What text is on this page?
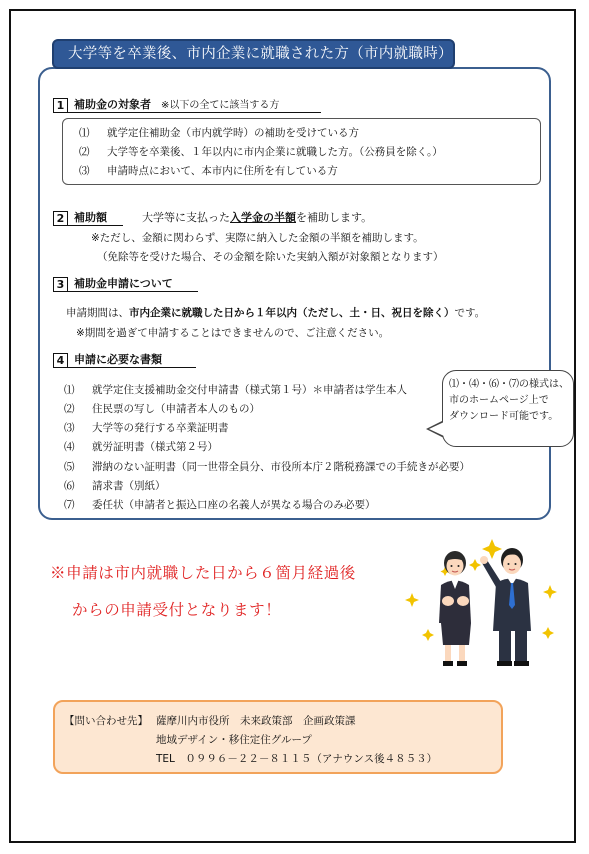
大学等を卒業後、市内企業に就職された方（市内就職時）
1 補助金の対象者 ※以下の全てに該当する方
⑴ 就学定住補助金（市内就学時）の補助を受けている方
⑵ 大学等を卒業後、１年以内に市内企業に就職した方。（公務員を除く。）
⑶ 申請時点において、本市内に住所を有している方
2 補助額	大学等に支払った入学金の半額を補助します。
※ただし、金額に関わらず、実際に納入した金額の半額を補助します。
（免除等を受けた場合、その金額を除いた実納入額が対象額となります）
3 補助金申請について
申請期間は、市内企業に就職した日から１年以内（ただし、土・日、祝日を除く）です。
※期間を過ぎて申請することはできませんので、ご注意ください。
4 申請に必要な書類
⑴ 就学定住支援補助金交付申請書（様式第１号）＊申請者は学生本人
⑵ 住民票の写し（申請者本人のもの）
⑶ 大学等の発行する卒業証明書
⑷ 就労証明書（様式第２号）
⑸ 滞納のない証明書（同一世帯全員分、市役所本庁２階税務課での手続きが必要）
⑹ 請求書（別紙）
⑺ 委任状（申請者と振込口座の名義人が異なる場合のみ必要）
⑴・⑷・⑹・⑺の様式は、
市のホームページ上で
ダウンロード可能です。
※申請は市内就職した日から６箇月経過後
からの申請受付となります！
【問い合わせ先】 薩摩川内市役所　未来政策部　企画政策課
地域デザイン・移住定住グループ
TEL　０９９６－２２－８１１５（アナウンス後４８５３）
